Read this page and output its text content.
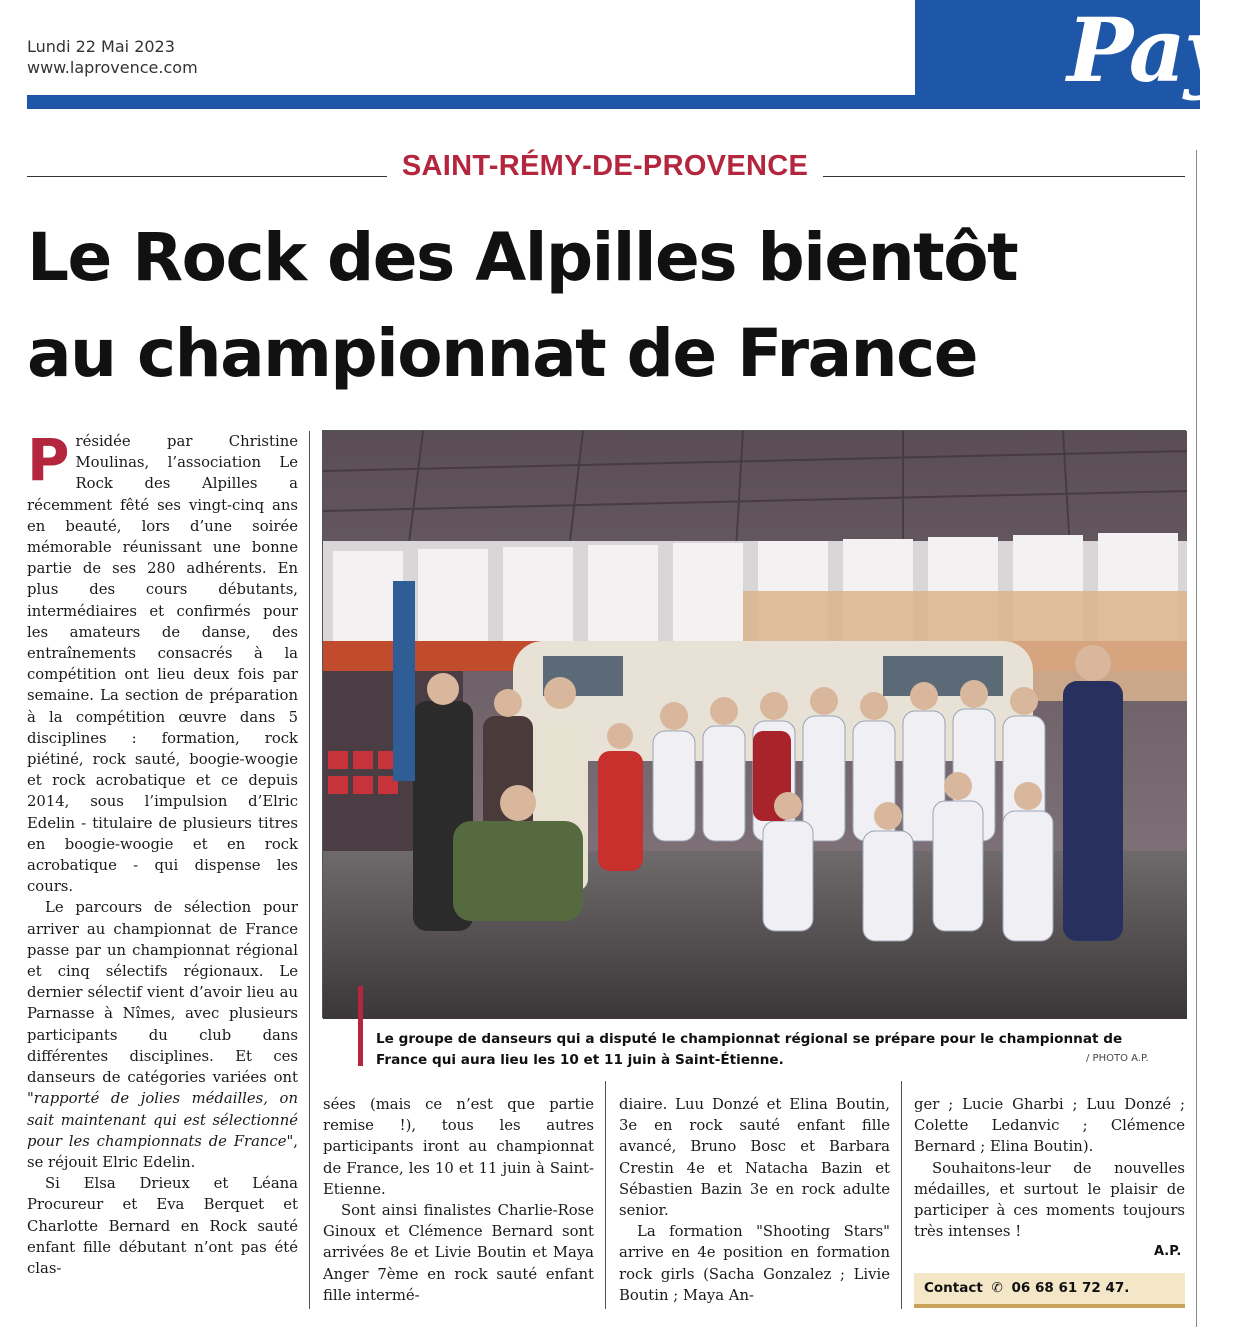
Lundi 22 Mai 2023
www.laprovence.com	Pay
SAINT-RÉMY-DE-PROVENCE
Le Rock des Alpilles bientôt
au championnat de France

Présidée par Christine Moulinas, l’association Le Rock des Alpilles a récemment fêté ses vingt-cinq ans en beauté, lors d’une soirée mémorable réunissant une bonne partie de ses 280 adhérents. En plus des cours débutants, intermédiaires et confirmés pour les amateurs de danse, des entraînements consacrés à la compétition ont lieu deux fois par semaine. La section de préparation à la compétition œuvre dans 5 disciplines : formation, rock piétiné, rock sauté, boogie-woogie et rock acrobatique et ce depuis 2014, sous l’impulsion d’Elric Edelin - titulaire de plusieurs titres en boogie-woogie et en rock acrobatique - qui dispense les cours.

Le parcours de sélection pour arriver au championnat de France passe par un championnat régional et cinq sélectifs régionaux. Le dernier sélectif vient d’avoir lieu au Parnasse à Nîmes, avec plusieurs participants du club dans différentes disciplines. Et ces danseurs de catégories variées ont "rapporté de jolies médailles, on sait maintenant qui est sélectionné pour les championnats de France", se réjouit Elric Edelin.

Si Elsa Drieux et Léana Procureur et Eva Berquet et Charlotte Bernard en Rock sauté enfant fille débutant n’ont pas été clas-

Le groupe de danseurs qui a disputé le championnat régional se prépare pour le championnat de France qui aura lieu les 10 et 11 juin à Saint-Étienne.	/ PHOTO A.P.

sées (mais ce n’est que partie remise !), tous les autres participants iront au championnat de France, les 10 et 11 juin à Saint-Etienne.

Sont ainsi finalistes Charlie-Rose Ginoux et Clémence Bernard sont arrivées 8e et Livie Boutin et Maya Anger 7ème en rock sauté enfant fille intermé-

diaire. Luu Donzé et Elina Boutin, 3e en rock sauté enfant fille avancé, Bruno Bosc et Barbara Crestin 4e et Natacha Bazin et Sébastien Bazin 3e en rock adulte senior.

La formation "Shooting Stars" arrive en 4e position en formation rock girls (Sacha Gonzalez ; Livie Boutin ; Maya An-

ger ; Lucie Gharbi ; Luu Donzé ; Colette Ledanvic ; Clémence Bernard ; Elina Boutin).

Souhaitons-leur de nouvelles médailles, et surtout le plaisir de participer à ces moments toujours très intenses !

A.P.
Contact ✆ 06 68 61 72 47.
